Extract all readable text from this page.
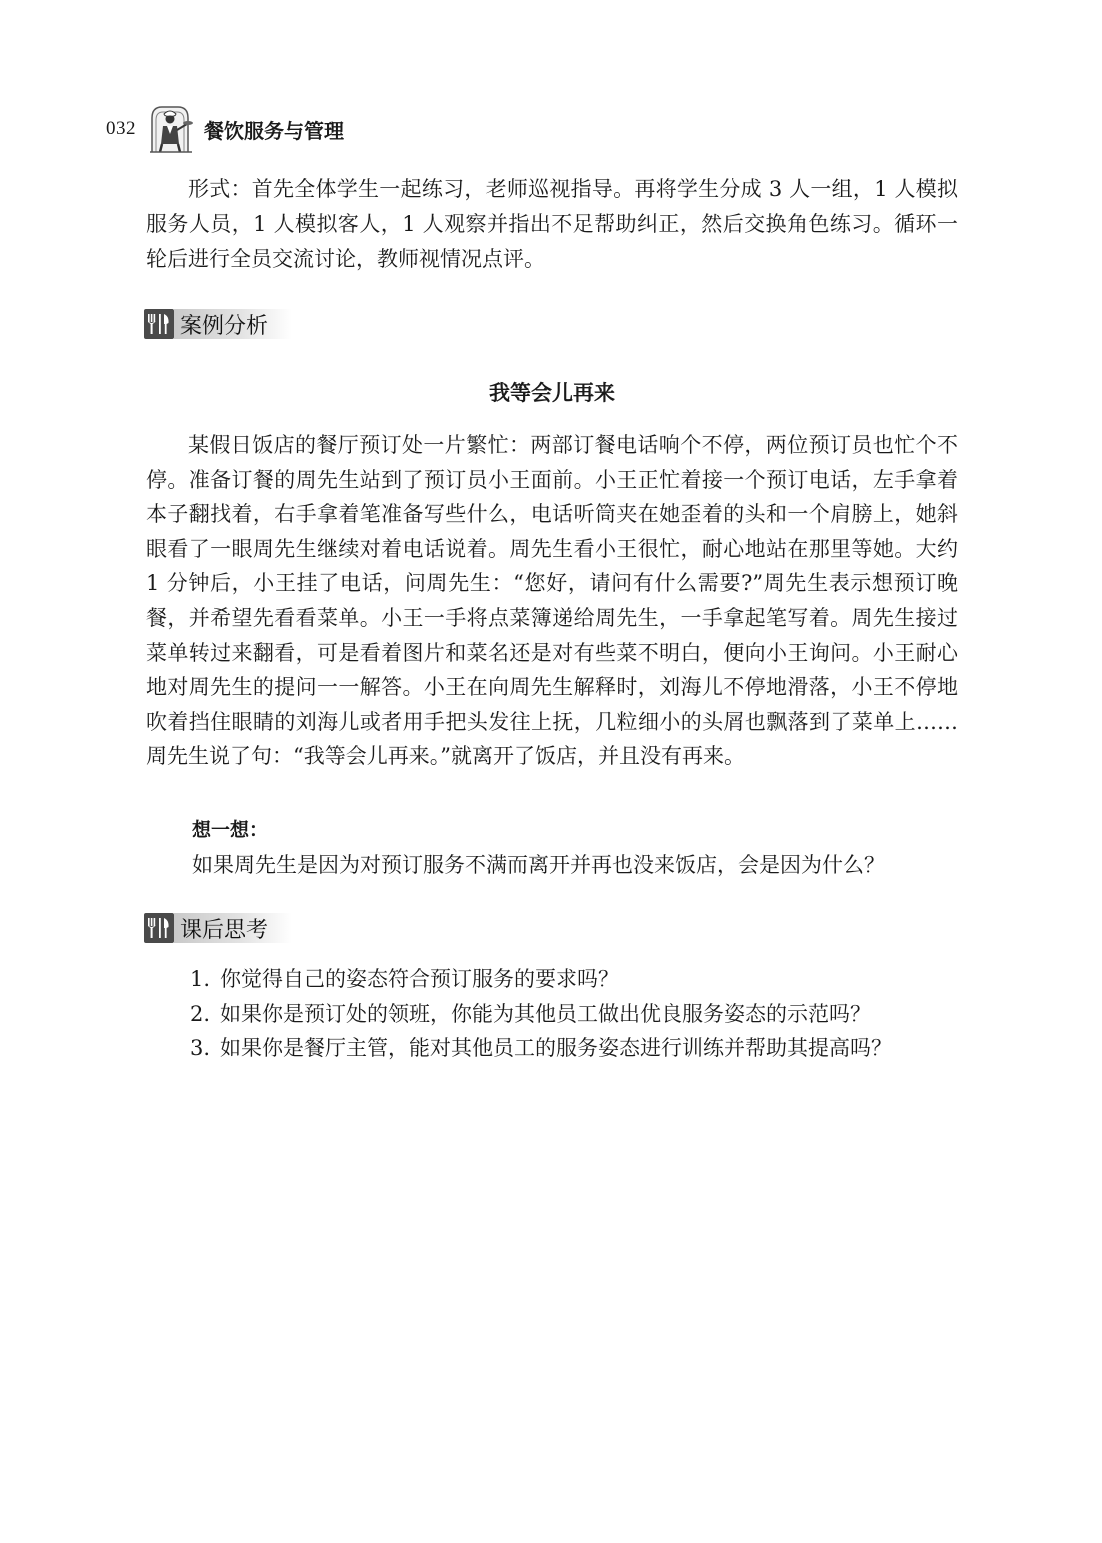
032	餐饮服务与管理

形式：首先全体学生一起练习，老师巡视指导。再将学生分成 3 人一组，1 人模拟服务人员，1 人模拟客人，1 人观察并指出不足帮助纠正，然后交换角色练习。循环一轮后进行全员交流讨论，教师视情况点评。

案例分析
我等会儿再来

某假日饭店的餐厅预订处一片繁忙：两部订餐电话响个不停，两位预订员也忙个不停。准备订餐的周先生站到了预订员小王面前。小王正忙着接一个预订电话，左手拿着本子翻找着，右手拿着笔准备写些什么，电话听筒夹在她歪着的头和一个肩膀上，她斜眼看了一眼周先生继续对着电话说着。周先生看小王很忙，耐心地站在那里等她。大约 1 分钟后，小王挂了电话，问周先生：“您好，请问有什么需要?”周先生表示想预订晚餐，并希望先看看菜单。小王一手将点菜簿递给周先生，一手拿起笔写着。周先生接过菜单转过来翻看，可是看着图片和菜名还是对有些菜不明白，便向小王询问。小王耐心地对周先生的提问一一解答。小王在向周先生解释时，刘海儿不停地滑落，小王不停地吹着挡住眼睛的刘海儿或者用手把头发往上抚，几粒细小的头屑也飘落到了菜单上……周先生说了句：“我等会儿再来。”就离开了饭店，并且没有再来。

想一想：
如果周先生是因为对预订服务不满而离开并再也没来饭店，会是因为什么？
课后思考
1. 你觉得自己的姿态符合预订服务的要求吗？
2. 如果你是预订处的领班，你能为其他员工做出优良服务姿态的示范吗？
3. 如果你是餐厅主管，能对其他员工的服务姿态进行训练并帮助其提高吗？
